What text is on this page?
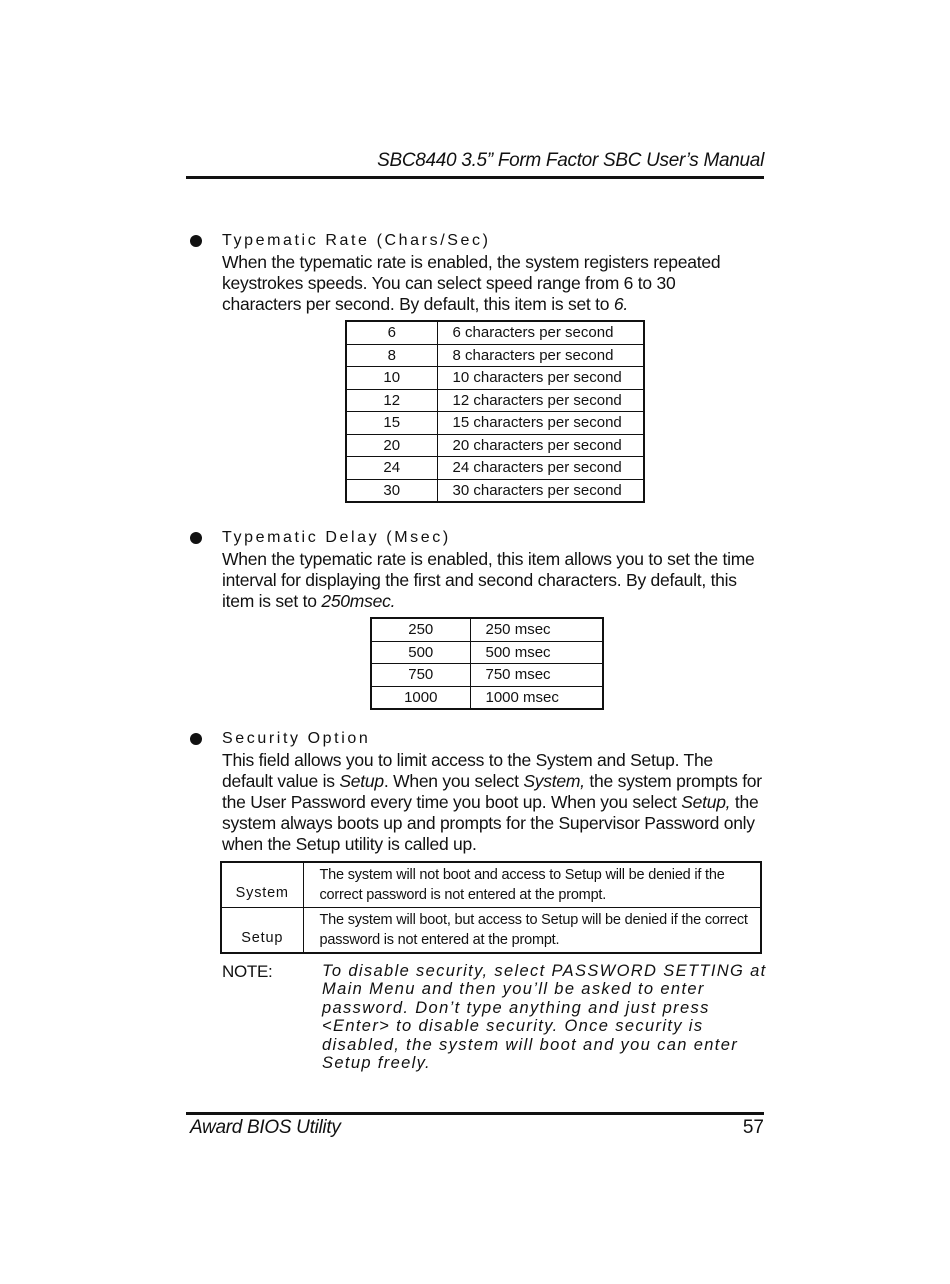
SBC8440 3.5” Form Factor SBC User’s Manual
Typematic Rate (Chars/Sec)
When the typematic rate is enabled, the system registers repeated keystrokes speeds. You can select speed range from 6 to 30 characters per second. By default, this item is set to 6.
6	6 characters per second
8	8 characters per second
10	10 characters per second
12	12 characters per second
15	15 characters per second
20	20 characters per second
24	24 characters per second
30	30 characters per second
Typematic Delay (Msec)
When the typematic rate is enabled, this item allows you to set the time interval for displaying the first and second characters. By default, this item is set to 250msec.
250	250 msec
500	500 msec
750	750 msec
1000	1000 msec
Security Option
This field allows you to limit access to the System and Setup. The default value is Setup. When you select System, the system prompts for the User Password every time you boot up. When you select Setup, the system always boots up and prompts for the Supervisor Password only when the Setup utility is called up.
System	The system will not boot and access to Setup will be denied if the correct password is not entered at the prompt.
Setup	The system will boot, but access to Setup will be denied if the correct password is not entered at the prompt.
NOTE:	To disable security, select PASSWORD SETTING at Main Menu and then you’ll be asked to enter password. Don’t type anything and just press <Enter> to disable security. Once security is disabled, the system will boot and you can enter Setup freely.
Award BIOS Utility	57
